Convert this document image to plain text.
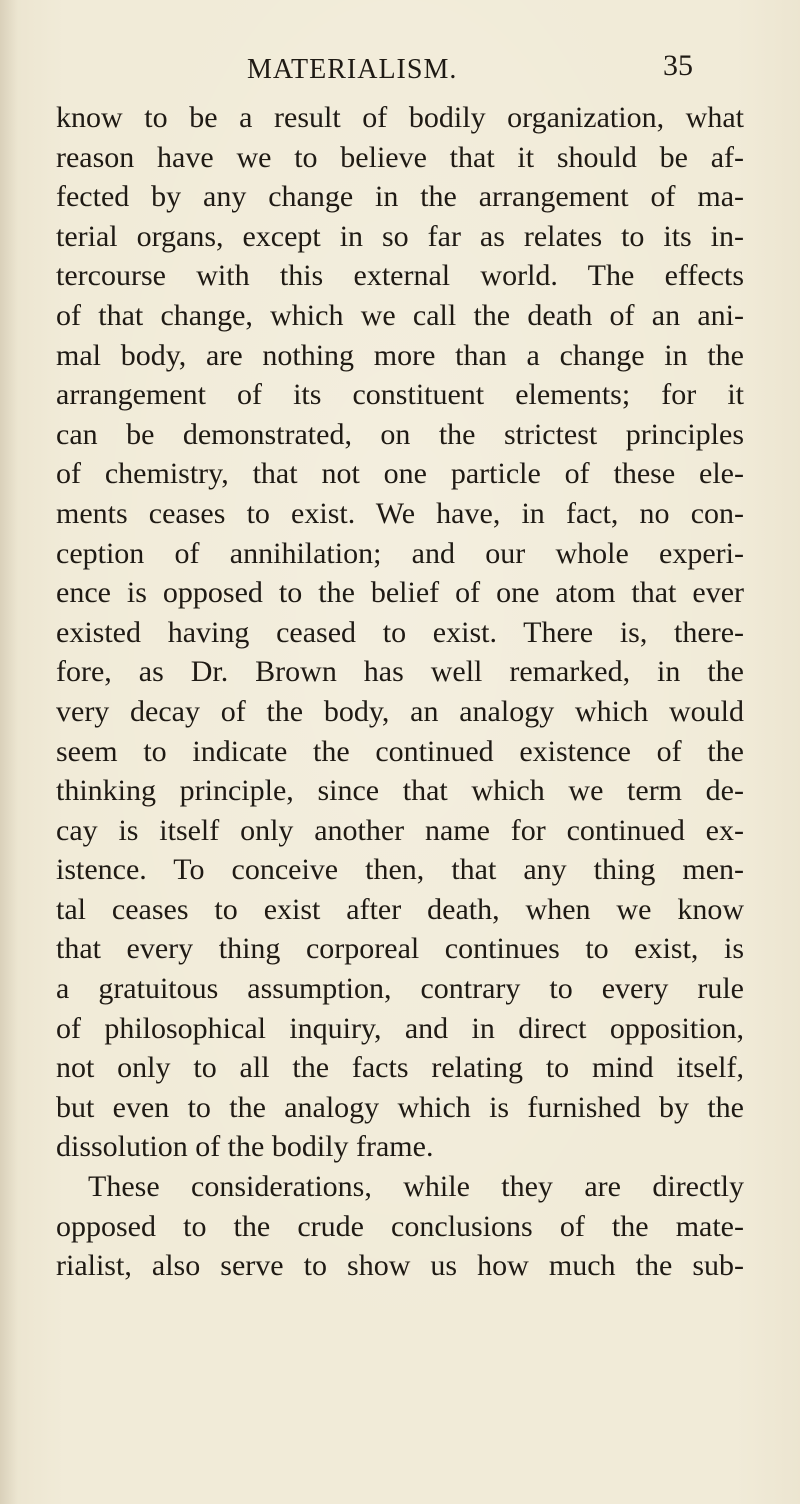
MATERIALISM.	35
know to be a result of bodily organization, what
reason have we to believe that it should be af-
fected by any change in the arrangement of ma-
terial organs, except in so far as relates to its in-
tercourse with this external world. The effects
of that change, which we call the death of an ani-
mal body, are nothing more than a change in the
arrangement of its constituent elements; for it
can be demonstrated, on the strictest principles
of chemistry, that not one particle of these ele-
ments ceases to exist. We have, in fact, no con-
ception of annihilation; and our whole experi-
ence is opposed to the belief of one atom that ever
existed having ceased to exist. There is, there-
fore, as Dr. Brown has well remarked, in the
very decay of the body, an analogy which would
seem to indicate the continued existence of the
thinking principle, since that which we term de-
cay is itself only another name for continued ex-
istence. To conceive then, that any thing men-
tal ceases to exist after death, when we know
that every thing corporeal continues to exist, is
a gratuitous assumption, contrary to every rule
of philosophical inquiry, and in direct opposition,
not only to all the facts relating to mind itself,
but even to the analogy which is furnished by the
dissolution of the bodily frame.
These considerations, while they are directly
opposed to the crude conclusions of the mate-
rialist, also serve to show us how much the sub-
